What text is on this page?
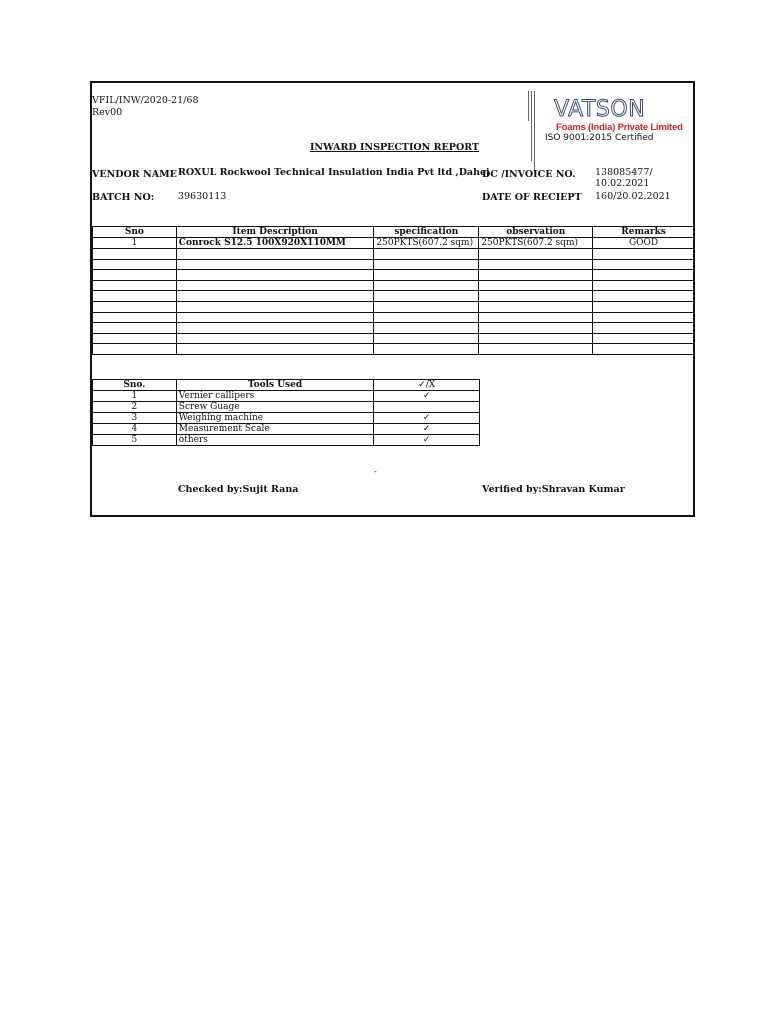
VFIL/INW/2020-21/68
Rev00	VATSON
Foams (India) Private Limited
ISO 9001:2015 Certified
INWARD INSPECTION REPORT
VENDOR NAME ROXUL Rockwool Technical Insulation India Pvt ltd ,Dahej
DC /INVOICE NO. 138085477/ 10.02.2021
BATCH NO: 39630113	DATE OF RECIEPT 160/20.02.2021
Sno	Item Description	specification	observation	Remarks
1	Conrock S12.5 100X920X110MM	250PKTS(607.2 sqm)	250PKTS(607.2 sqm)	GOOD

Sno.	Tools Used	✓/X
1	Vernier callipers	✓
2	Screw Guage	
3	Weighing machine	✓
4	Measurement Scale	✓
5	others	✓
-
Checked by:Sujit Rana	Verified by:Shravan Kumar
